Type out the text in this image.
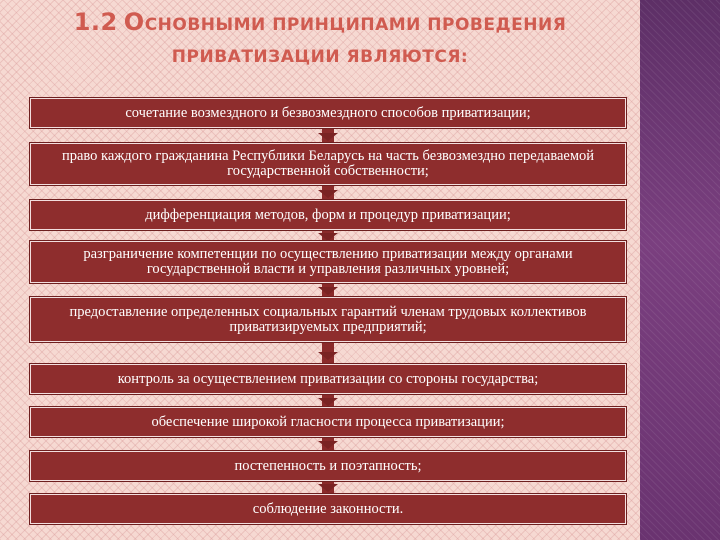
1.2 ОСНОВНЫМИ ПРИНЦИПАМИ ПРОВЕДЕНИЯ
ПРИВАТИЗАЦИИ ЯВЛЯЮТСЯ:
сочетание возмездного и безвозмездного способов приватизации;
право каждого гражданина Республики Беларусь на часть безвозмездно передаваемой государственной собственности;
дифференциация методов, форм и процедур приватизации;
разграничение компетенции по осуществлению приватизации между органами государственной власти и управления различных уровней;
предоставление определенных социальных гарантий членам трудовых коллективов приватизируемых предприятий;
контроль за осуществлением приватизации со стороны государства;
обеспечение широкой гласности процесса приватизации;
постепенность и поэтапность;
соблюдение законности.
